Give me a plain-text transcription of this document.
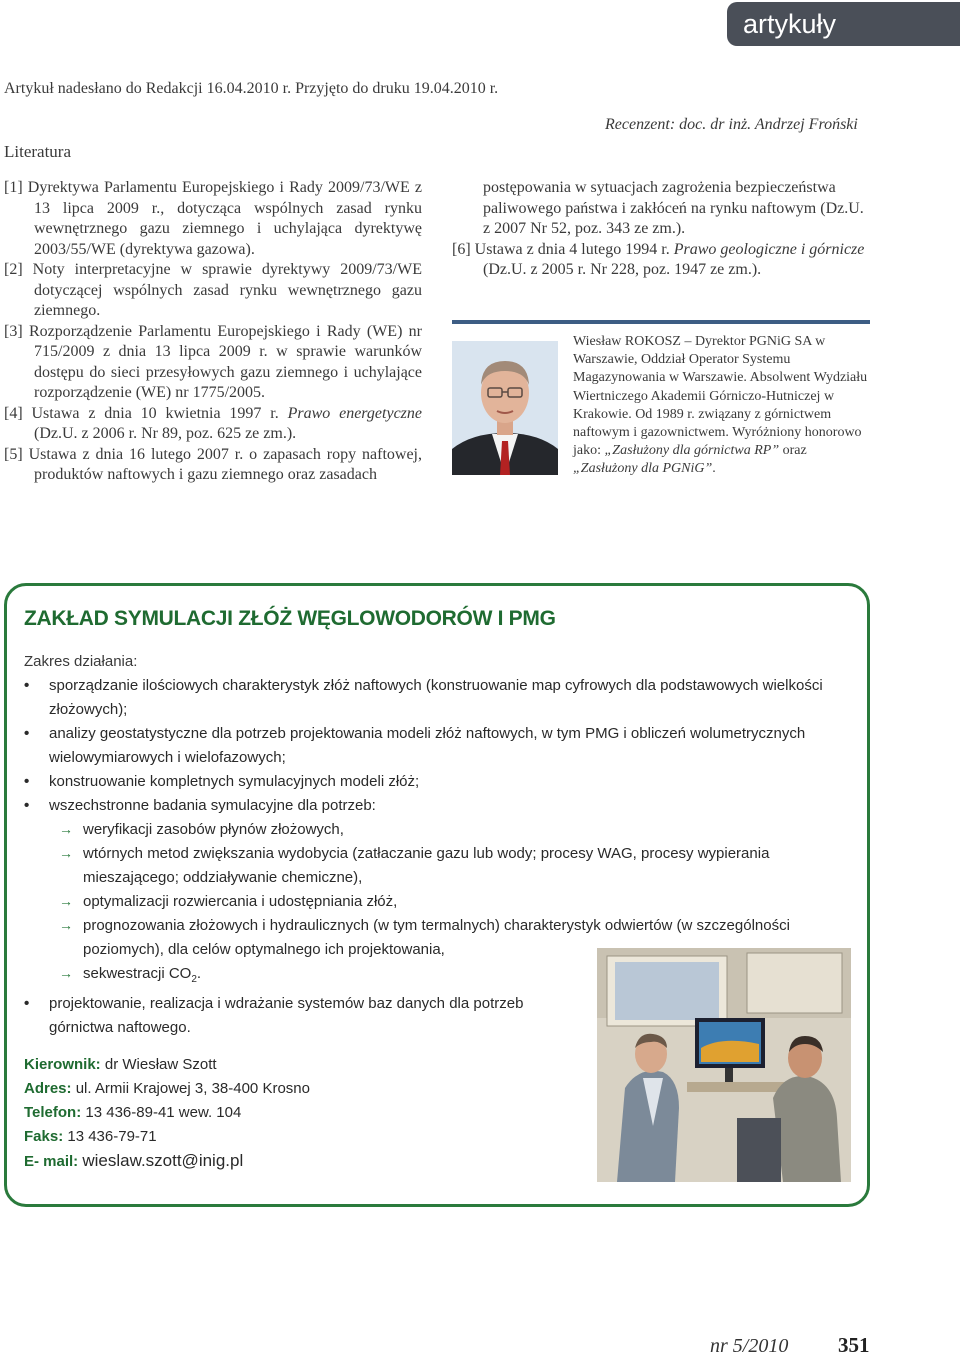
artykuły
Artykuł nadesłano do Redakcji 16.04.2010 r. Przyjęto do druku 19.04.2010 r.
Recenzent: doc. dr inż. Andrzej Froński
Literatura

[1] Dyrektywa Parlamentu Europejskiego i Rady 2009/73/WE z 13 lipca 2009 r., dotycząca wspólnych zasad rynku wewnętrznego gazu ziemnego i uchylająca dyrektywę 2003/55/WE (dyrektywa gazowa).

[2] Noty interpretacyjne w sprawie dyrektywy 2009/73/WE dotyczącej wspólnych zasad rynku wewnętrznego gazu ziemnego.

[3] Rozporządzenie Parlamentu Europejskiego i Rady (WE) nr 715/2009 z dnia 13 lipca 2009 r. w sprawie warunków dostępu do sieci przesyłowych gazu ziemnego i uchylające rozporządzenie (WE) nr 1775/2005.

[4] Ustawa z dnia 10 kwietnia 1997 r. Prawo energetyczne (Dz.U. z 2006 r. Nr 89, poz. 625 ze zm.).

[5] Ustawa z dnia 16 lutego 2007 r. o zapasach ropy naftowej, produktów naftowych i gazu ziemnego oraz zasadach

postępowania w sytuacjach zagrożenia bezpieczeństwa paliwowego państwa i zakłóceń na rynku naftowym (Dz.U. z 2007 Nr 52, poz. 343 ze zm.).

[6] Ustawa z dnia 4 lutego 1994 r. Prawo geologiczne i górnicze (Dz.U. z 2005 r. Nr 228, poz. 1947 ze zm.).

Wiesław ROKOSZ – Dyrektor PGNiG SA w Warszawie, Oddział Operator Systemu Magazynowania w Warszawie. Absolwent Wydziału Wiertniczego Akademii Górniczo-Hutniczej w Krakowie. Od 1989 r. związany z górnictwem naftowym i gazownictwem. Wyróżniony honorowo jako: „Zasłużony dla górnictwa RP” oraz „Zasłużony dla PGNiG”.
ZAKŁAD SYMULACJI ZŁÓŻ WĘGLOWODORÓW I PMG
Zakres działania:
• sporządzanie ilościowych charakterystyk złóż naftowych (konstruowanie map cyfrowych dla podstawowych wielkości złożowych);
• analizy geostatystyczne dla potrzeb projektowania modeli złóż naftowych, w tym PMG i obliczeń wolumetrycznych wielowymiarowych i wielofazowych;
• konstruowanie kompletnych symulacyjnych modeli złóż;
• wszechstronne badania symulacyjne dla potrzeb:
→ weryfikacji zasobów płynów złożowych,
→ wtórnych metod zwiększania wydobycia (zatłaczanie gazu lub wody; procesy WAG, procesy wypierania mieszającego; oddziaływanie chemiczne),
→ optymalizacji rozwiercania i udostępniania złóż,
→ prognozowania złożowych i hydraulicznych (w tym termalnych) charakterystyk odwiertów (w szczególności poziomych), dla celów optymalnego ich projektowania,
→ sekwestracji $CO_2$.
• projektowanie, realizacja i wdrażanie systemów baz danych dla potrzeb górnictwa naftowego.
Kierownik: dr Wiesław Szott
Adres: ul. Armii Krajowej 3, 38-400 Krosno
Telefon: 13 436-89-41 wew. 104
Faks: 13 436-79-71
E- mail: wieslaw.szott@inig.pl
nr 5/2010 351
